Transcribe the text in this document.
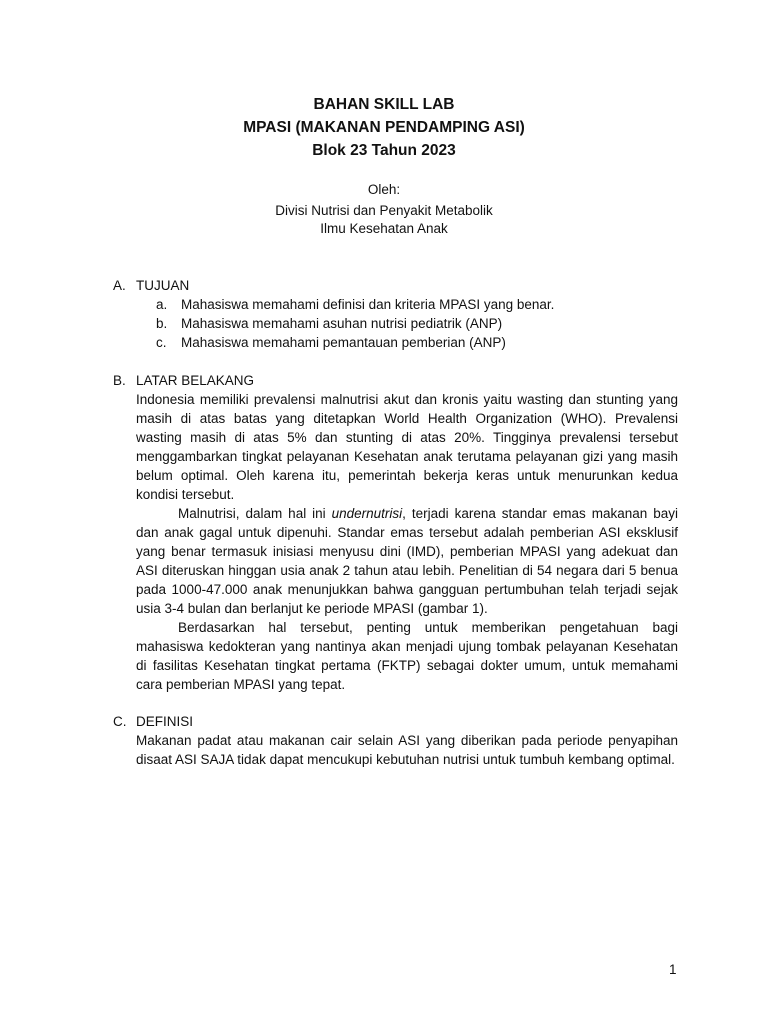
BAHAN SKILL LAB
MPASI (MAKANAN PENDAMPING ASI)
Blok 23 Tahun 2023
Oleh:
Divisi Nutrisi dan Penyakit Metabolik
Ilmu Kesehatan Anak
A. TUJUAN
a.	Mahasiswa memahami definisi dan kriteria MPASI yang benar.
b.	Mahasiswa memahami asuhan nutrisi pediatrik (ANP)
c.	Mahasiswa memahami pemantauan pemberian (ANP)
B. LATAR BELAKANG

Indonesia memiliki prevalensi malnutrisi akut dan kronis yaitu wasting dan stunting yang masih di atas batas yang ditetapkan World Health Organization (WHO). Prevalensi wasting masih di atas 5% dan stunting di atas 20%. Tingginya prevalensi tersebut menggambarkan tingkat pelayanan Kesehatan anak terutama pelayanan gizi yang masih belum optimal. Oleh karena itu, pemerintah bekerja keras untuk menurunkan kedua kondisi tersebut.

Malnutrisi, dalam hal ini undernutrisi, terjadi karena standar emas makanan bayi dan anak gagal untuk dipenuhi. Standar emas tersebut adalah pemberian ASI eksklusif yang benar termasuk inisiasi menyusu dini (IMD), pemberian MPASI yang adekuat dan ASI diteruskan hinggan usia anak 2 tahun atau lebih. Penelitian di 54 negara dari 5 benua pada 1000-47.000 anak menunjukkan bahwa gangguan pertumbuhan telah terjadi sejak usia 3-4 bulan dan berlanjut ke periode MPASI (gambar 1).

Berdasarkan hal tersebut, penting untuk memberikan pengetahuan bagi mahasiswa kedokteran yang nantinya akan menjadi ujung tombak pelayanan Kesehatan di fasilitas Kesehatan tingkat pertama (FKTP) sebagai dokter umum, untuk memahami cara pemberian MPASI yang tepat.

C. DEFINISI

Makanan padat atau makanan cair selain ASI yang diberikan pada periode penyapihan disaat ASI SAJA tidak dapat mencukupi kebutuhan nutrisi untuk tumbuh kembang optimal.

1
